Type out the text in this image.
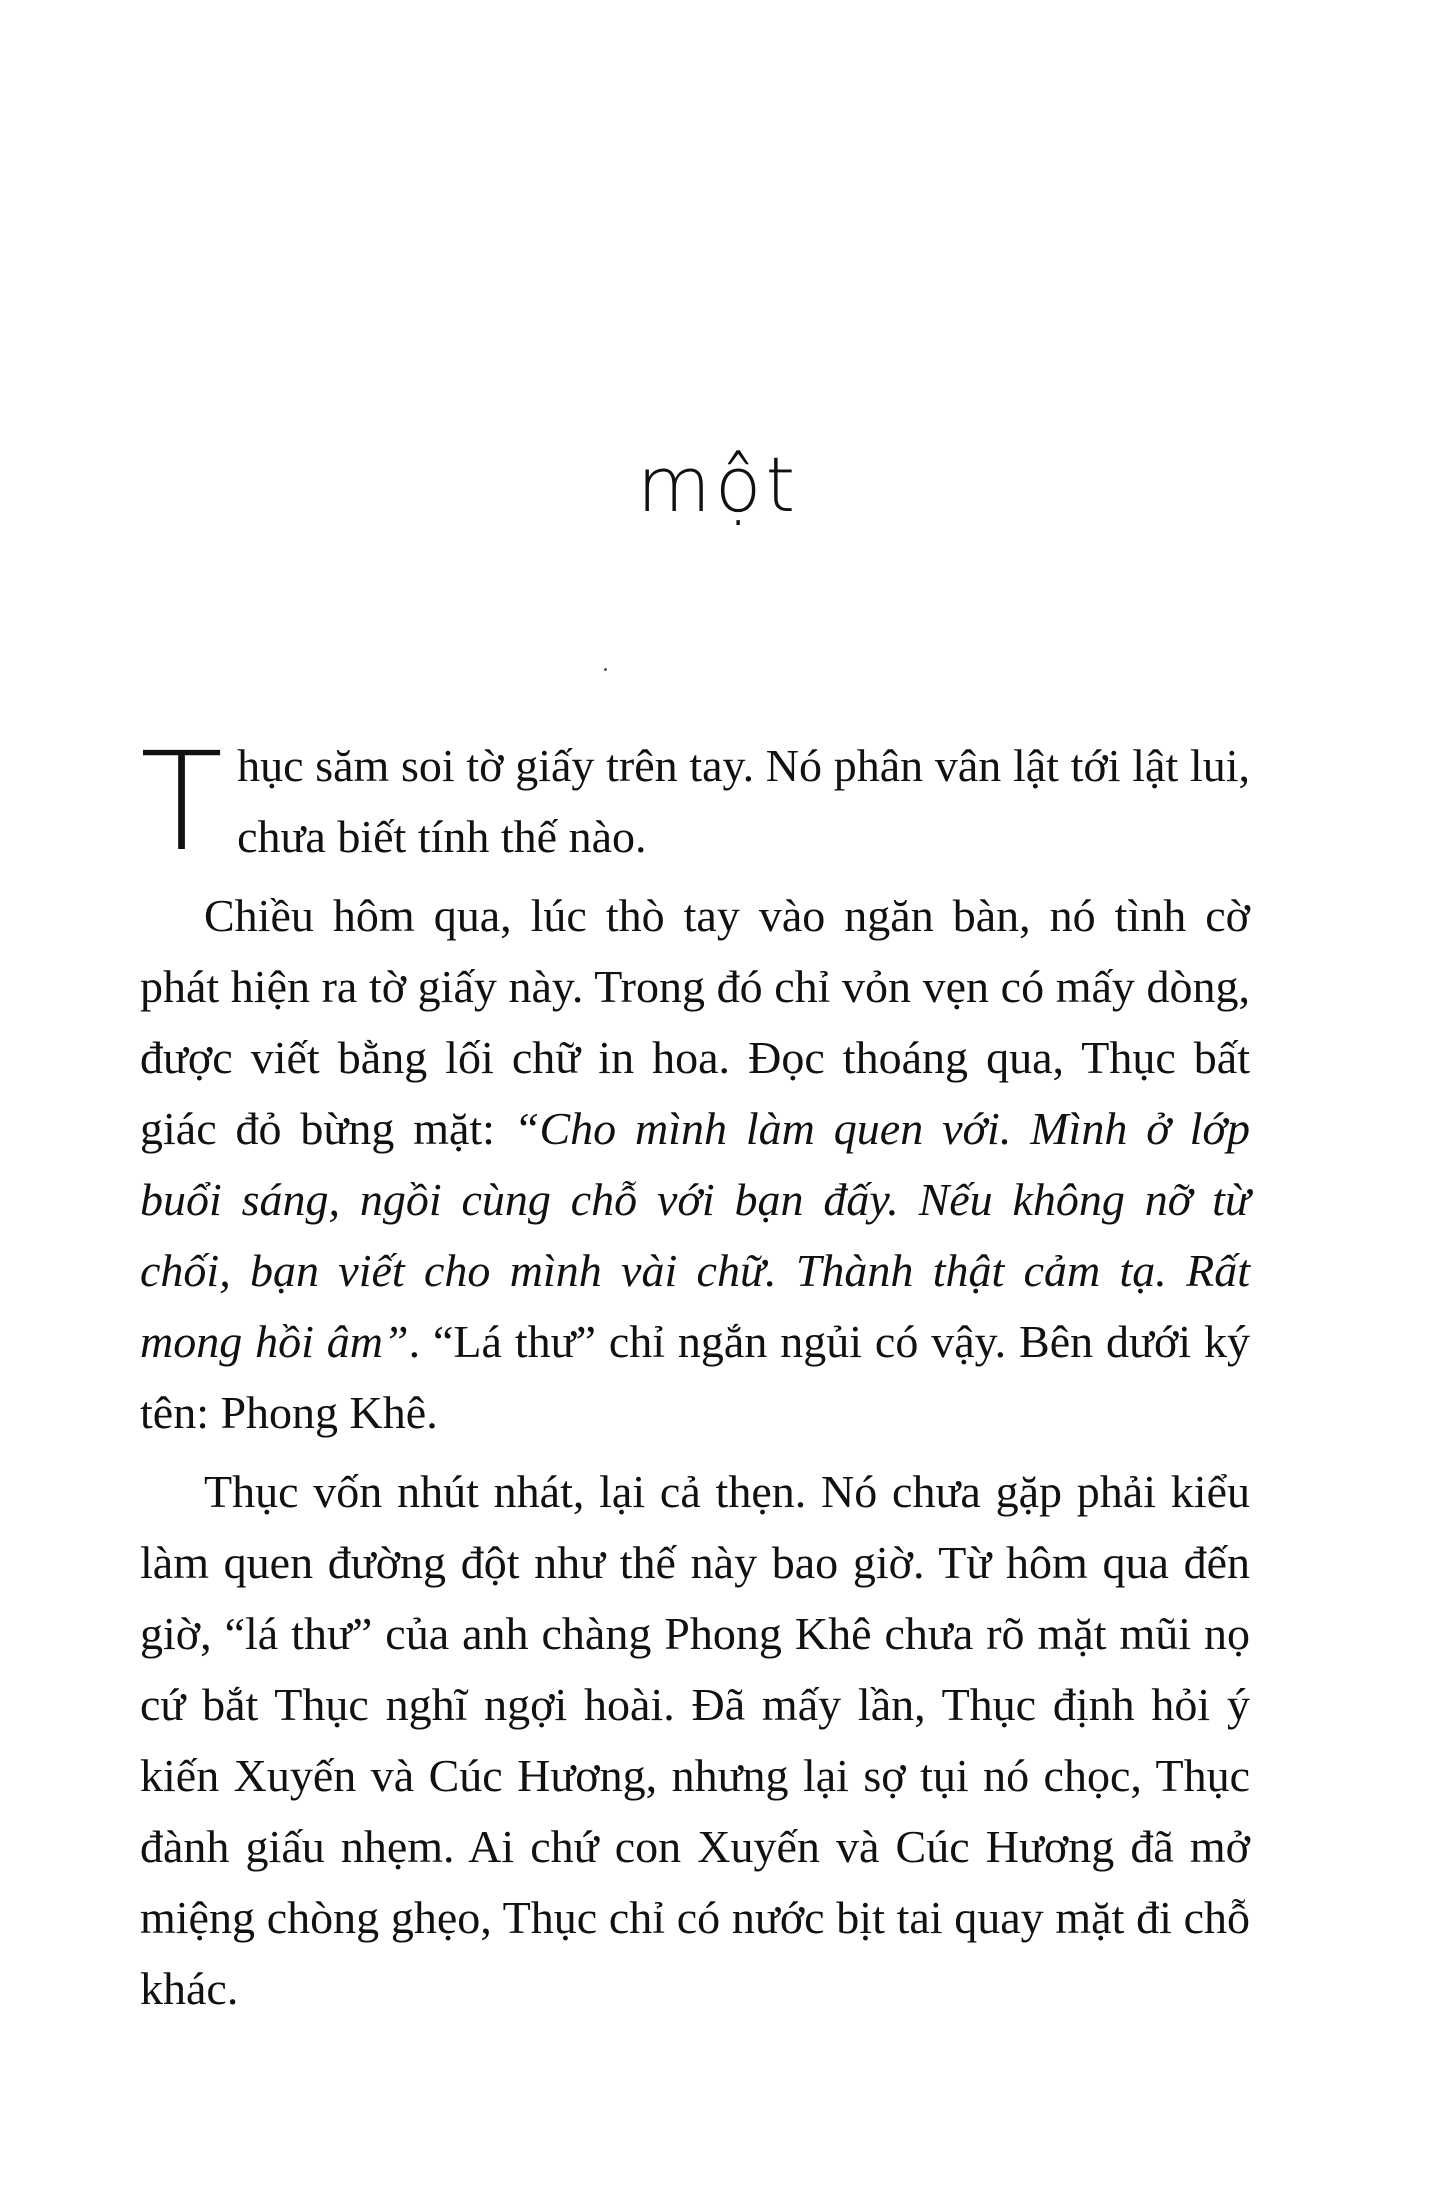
một

Thục săm soi tờ giấy trên tay. Nó phân vân lật tới lật lui, chưa biết tính thế nào.

Chiều hôm qua, lúc thò tay vào ngăn bàn, nó tình cờ phát hiện ra tờ giấy này. Trong đó chỉ vỏn vẹn có mấy dòng, được viết bằng lối chữ in hoa. Đọc thoáng qua, Thục bất giác đỏ bừng mặt: “Cho mình làm quen với. Mình ở lớp buổi sáng, ngồi cùng chỗ với bạn đấy. Nếu không nỡ từ chối, bạn viết cho mình vài chữ. Thành thật cảm tạ. Rất mong hồi âm”. “Lá thư” chỉ ngắn ngủi có vậy. Bên dưới ký tên: Phong Khê.

Thục vốn nhút nhát, lại cả thẹn. Nó chưa gặp phải kiểu làm quen đường đột như thế này bao giờ. Từ hôm qua đến giờ, “lá thư” của anh chàng Phong Khê chưa rõ mặt mũi nọ cứ bắt Thục nghĩ ngợi hoài. Đã mấy lần, Thục định hỏi ý kiến Xuyến và Cúc Hương, nhưng lại sợ tụi nó chọc, Thục đành giấu nhẹm. Ai chứ con Xuyến và Cúc Hương đã mở miệng chòng ghẹo, Thục chỉ có nước bịt tai quay mặt đi chỗ khác.
